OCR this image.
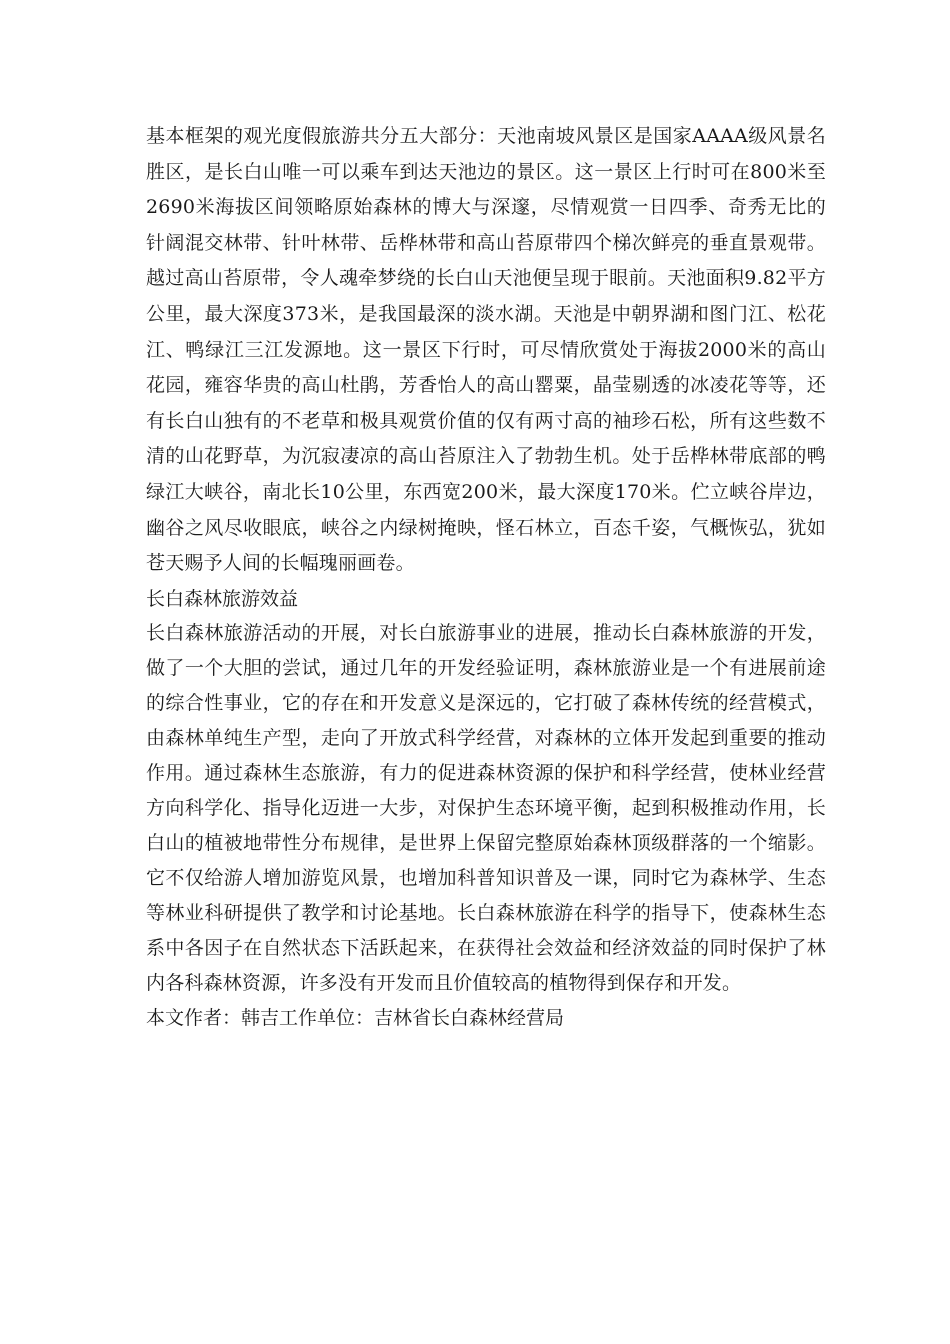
基本框架的观光度假旅游共分五大部分：天池南坡风景区是国家AAAA级风景名胜区，是长白山唯一可以乘车到达天池边的景区。这一景区上行时可在800米至2690米海拔区间领略原始森林的博大与深邃，尽情观赏一日四季、奇秀无比的针阔混交林带、针叶林带、岳桦林带和高山苔原带四个梯次鲜亮的垂直景观带。越过高山苔原带，令人魂牵梦绕的长白山天池便呈现于眼前。天池面积9.82平方公里，最大深度373米，是我国最深的淡水湖。天池是中朝界湖和图门江、松花江、鸭绿江三江发源地。这一景区下行时，可尽情欣赏处于海拔2000米的高山花园，雍容华贵的高山杜鹃，芳香怡人的高山罂粟，晶莹剔透的冰凌花等等，还有长白山独有的不老草和极具观赏价值的仅有两寸高的袖珍石松，所有这些数不清的山花野草，为沉寂凄凉的高山苔原注入了勃勃生机。处于岳桦林带底部的鸭绿江大峡谷，南北长10公里，东西宽200米，最大深度170米。伫立峡谷岸边，幽谷之风尽收眼底，峡谷之内绿树掩映，怪石林立，百态千姿，气概恢弘，犹如苍天赐予人间的长幅瑰丽画卷。

长白森林旅游效益

长白森林旅游活动的开展，对长白旅游事业的进展，推动长白森林旅游的开发，做了一个大胆的尝试，通过几年的开发经验证明，森林旅游业是一个有进展前途的综合性事业，它的存在和开发意义是深远的，它打破了森林传统的经营模式，由森林单纯生产型，走向了开放式科学经营，对森林的立体开发起到重要的推动作用。通过森林生态旅游，有力的促进森林资源的保护和科学经营，使林业经营方向科学化、指导化迈进一大步，对保护生态环境平衡，起到积极推动作用，长白山的植被地带性分布规律，是世界上保留完整原始森林顶级群落的一个缩影。它不仅给游人增加游览风景，也增加科普知识普及一课，同时它为森林学、生态等林业科研提供了教学和讨论基地。长白森林旅游在科学的指导下，使森林生态系中各因子在自然状态下活跃起来，在获得社会效益和经济效益的同时保护了林内各科森林资源，许多没有开发而且价值较高的植物得到保存和开发。

本文作者：韩吉工作单位：吉林省长白森林经营局
